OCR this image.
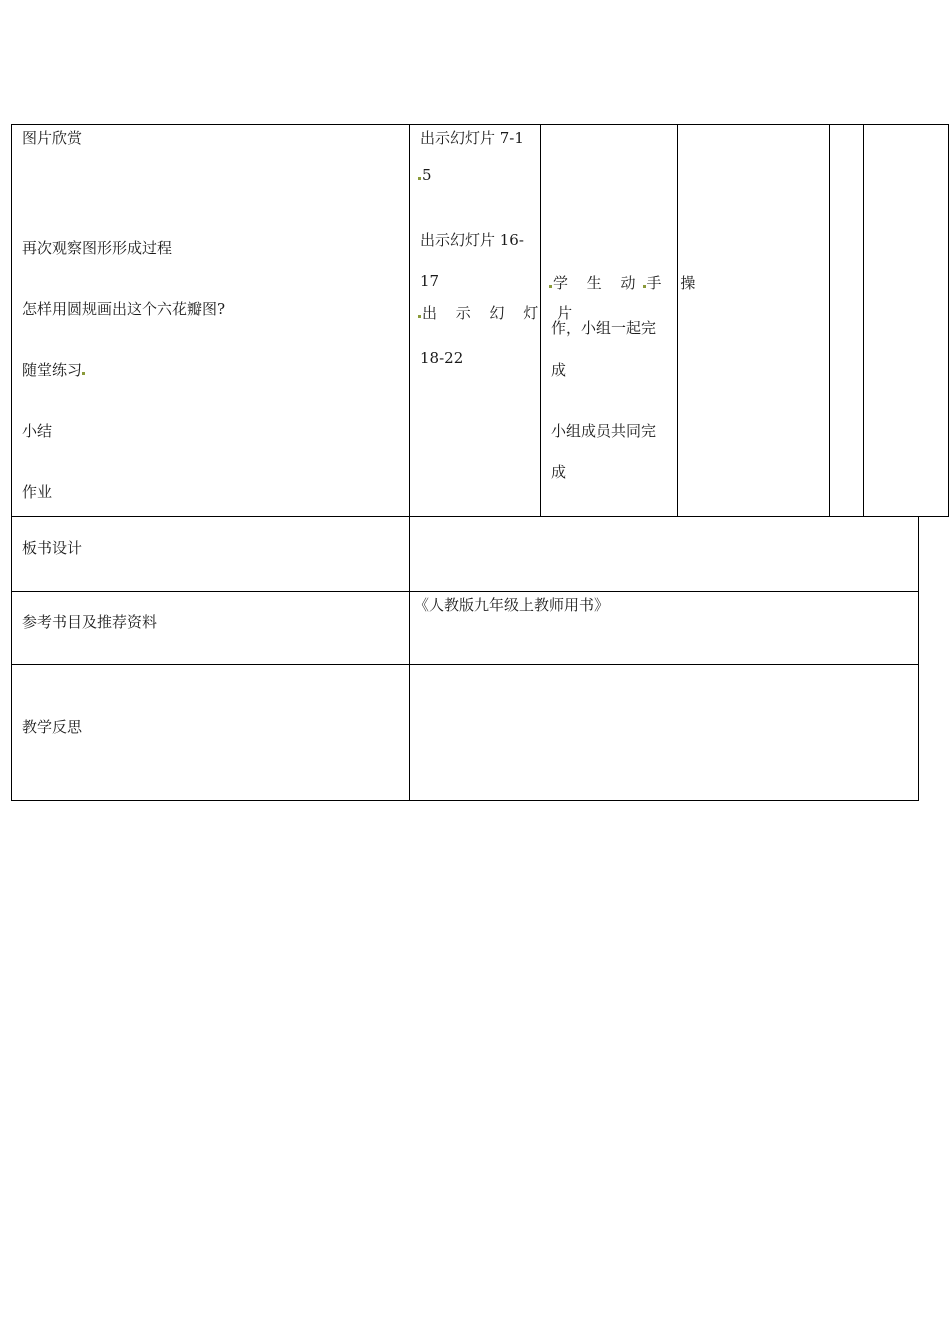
图片欣赏
再次观察图形形成过程
怎样用圆规画出这个六花瓣图?
随堂练习
小结
作业
出示幻灯片 7-1
5
出示幻灯片 16-
17
出 示 幻 灯 片
18-22
学 生 动 手 操
作，小组一起完
成
小组成员共同完
成
板书设计
参考书目及推荐资料
《人教版九年级上教师用书》
教学反思
